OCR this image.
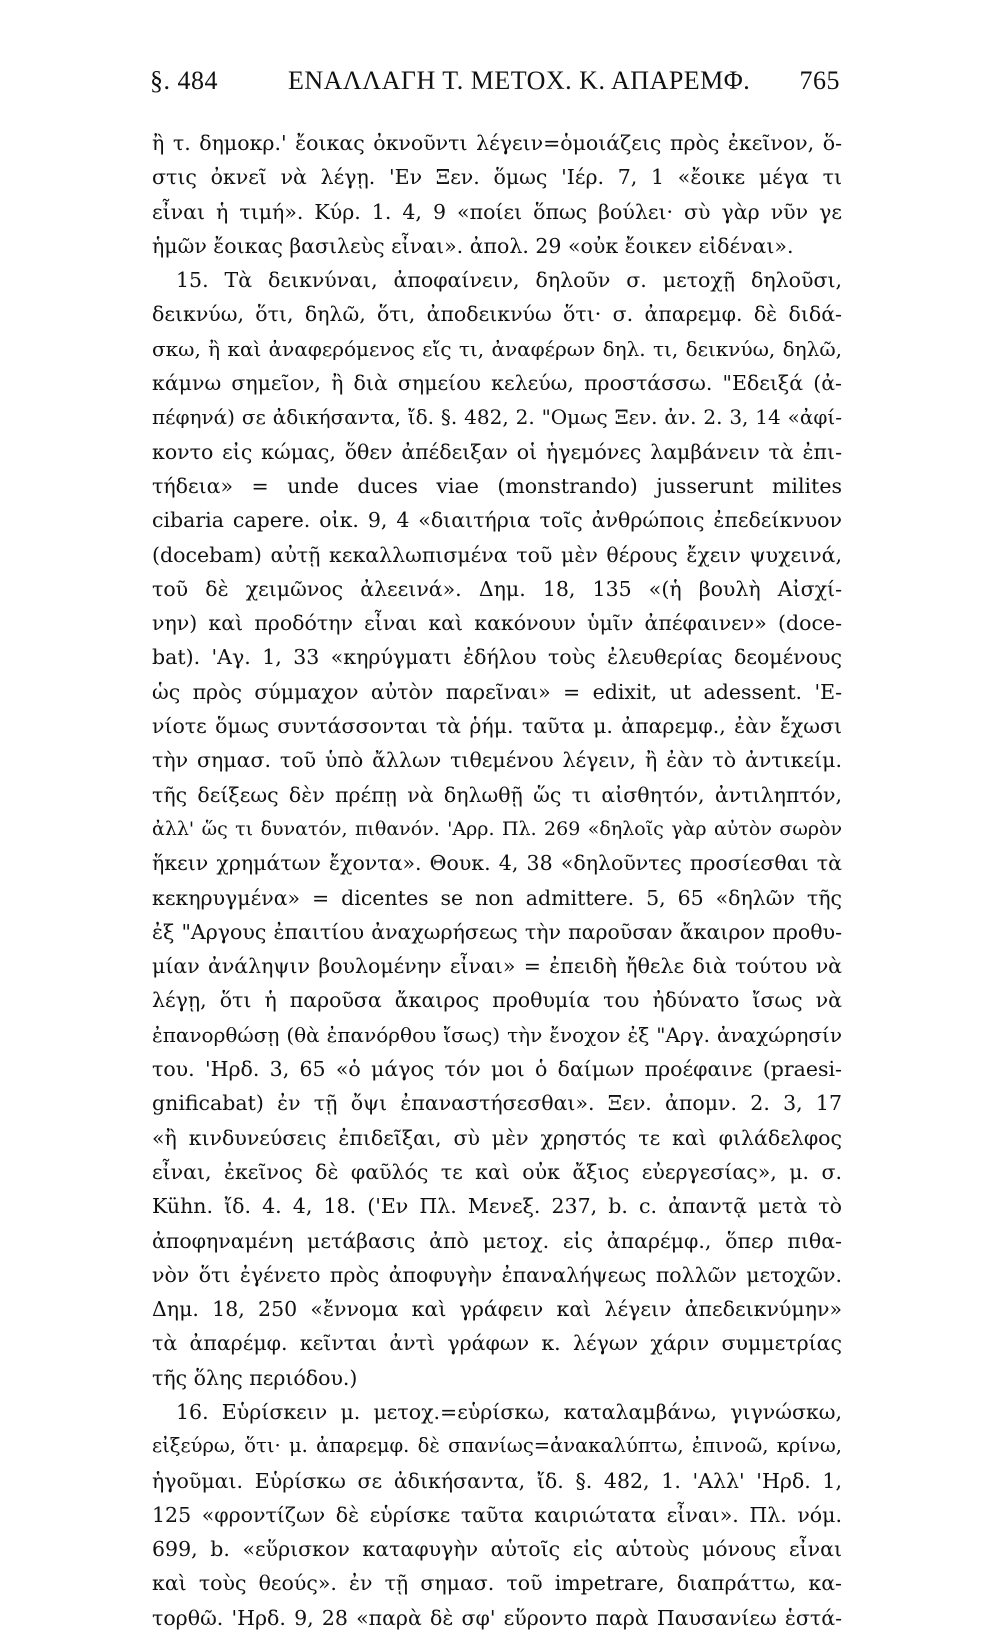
§. 484	ΕΝΑΛΛΑΓΗ Τ. ΜΕΤΟΧ. Κ. ΑΠΑΡΕΜΦ. 765
ἢ τ. δημοκρ.' ἔοικας ὀκνοῦντι λέγειν=ὁμοιάζεις πρὸς ἐκεῖνον, ὅ-
στις ὀκνεῖ νὰ λέγῃ. 'Εν Ξεν. ὅμως 'Ιέρ. 7, 1 «ἔοικε μέγα τι
εἶναι ἡ τιμή». Κύρ. 1. 4, 9 «ποίει ὅπως βούλει· σὺ γὰρ νῦν γε
ἡμῶν ἔοικας βασιλεὺς εἶναι». ἀπολ. 29 «οὐκ ἔοικεν εἰδέναι».
15. Τὰ δεικνύναι, ἀποφαίνειν, δηλοῦν σ. μετοχῇ δηλοῦσι,
δεικνύω, ὅτι, δηλῶ, ὅτι, ἀποδεικνύω ὅτι· σ. ἀπαρεμφ. δὲ διδά-
σκω, ἢ καὶ ἀναφερόμενος εἴς τι, ἀναφέρων δηλ. τι, δεικνύω, δηλῶ,
κάμνω σημεῖον, ἢ διὰ σημείου κελεύω, προστάσσω. "Εδειξά (ἀ-
πέφηνά) σε ἀδικήσαντα, ἴδ. §. 482, 2. "Ομως Ξεν. ἀν. 2. 3, 14 «ἀφί-
κοντο εἰς κώμας, ὅθεν ἀπέδειξαν οἱ ἡγεμόνες λαμβάνειν τὰ ἐπι-
τήδεια» = unde duces viae (monstrando) jusserunt milites
cibaria capere. οἰκ. 9, 4 «διαιτήρια τοῖς ἀνθρώποις ἐπεδείκνυον
(docebam) αὐτῇ κεκαλλωπισμένα τοῦ μὲν θέρους ἔχειν ψυχεινά,
τοῦ δὲ χειμῶνος ἀλεεινά». Δημ. 18, 135 «(ἡ βουλὴ Αἰσχί-
νην) καὶ προδότην εἶναι καὶ κακόνουν ὑμῖν ἀπέφαινεν» (doce-
bat). 'Αγ. 1, 33 «κηρύγματι ἐδήλου τοὺς ἐλευθερίας δεομένους
ὡς πρὸς σύμμαχον αὐτὸν παρεῖναι» = edixit, ut adessent. 'Ε-
νίοτε ὅμως συντάσσονται τὰ ῥήμ. ταῦτα μ. ἀπαρεμφ., ἐὰν ἔχωσι
τὴν σημασ. τοῦ ὑπὸ ἄλλων τιθεμένου λέγειν, ἢ ἐὰν τὸ ἀντικείμ.
τῆς δείξεως δὲν πρέπῃ νὰ δηλωθῇ ὥς τι αἰσθητόν, ἀντιληπτόν,
ἀλλ' ὥς τι δυνατόν, πιθανόν. 'Αρρ. Πλ. 269 «δηλοῖς γὰρ αὐτὸν σωρὸν
ἥκειν χρημάτων ἔχοντα». Θουκ. 4, 38 «δηλοῦντες προσίεσθαι τὰ
κεκηρυγμένα» = dicentes se non admittere. 5, 65 «δηλῶν τῆς
ἐξ "Αργους ἐπαιτίου ἀναχωρήσεως τὴν παροῦσαν ἄκαιρον προθυ-
μίαν ἀνάληψιν βουλομένην εἶναι» = ἐπειδὴ ἤθελε διὰ τούτου νὰ
λέγῃ, ὅτι ἡ παροῦσα ἄκαιρος προθυμία του ἠδύνατο ἴσως νὰ
ἐπανορθώσῃ (θὰ ἐπανόρθου ἴσως) τὴν ἔνοχον ἐξ "Αργ. ἀναχώρησίν
του. 'Ηρδ. 3, 65 «ὁ μάγος τόν μοι ὁ δαίμων προέφαινε (praesi-
gnificabat) ἐν τῇ ὄψι ἐπαναστήσεσθαι». Ξεν. ἀπομν. 2. 3, 17
«ἢ κινδυνεύσεις ἐπιδεῖξαι, σὺ μὲν χρηστός τε καὶ φιλάδελφος
εἶναι, ἐκεῖνος δὲ φαῦλός τε καὶ οὐκ ἄξιος εὐεργεσίας», μ. σ.
Kühn. ἴδ. 4. 4, 18. ('Εν Πλ. Μενεξ. 237, b. c. ἀπαντᾷ μετὰ τὸ
ἀποφηναμένη μετάβασις ἀπὸ μετοχ. εἰς ἀπαρέμφ., ὅπερ πιθα-
νὸν ὅτι ἐγένετο πρὸς ἀποφυγὴν ἐπαναλήψεως πολλῶν μετοχῶν.
Δημ. 18, 250 «ἔννομα καὶ γράφειν καὶ λέγειν ἀπεδεικνύμην»
τὰ ἀπαρέμφ. κεῖνται ἀντὶ γράφων κ. λέγων χάριν συμμετρίας
τῆς ὅλης περιόδου.)
16. Εὑρίσκειν μ. μετοχ.=εὑρίσκω, καταλαμβάνω, γιγνώσκω,
εἰξεύρω, ὅτι· μ. ἀπαρεμφ. δὲ σπανίως=ἀνακαλύπτω, ἐπινοῶ, κρίνω,
ἡγοῦμαι. Εὑρίσκω σε ἀδικήσαντα, ἴδ. §. 482, 1. 'Αλλ' 'Ηρδ. 1,
125 «φροντίζων δὲ εὑρίσκε ταῦτα καιριώτατα εἶναι». Πλ. νόμ.
699, b. «εὕρισκον καταφυγὴν αὑτοῖς εἰς αὑτοὺς μόνους εἶναι
καὶ τοὺς θεούς». ἐν τῇ σημασ. τοῦ impetrare, διαπράττω, κα-
τορθῶ. 'Ηρδ. 9, 28 «παρὰ δὲ σφ' εὕροντο παρὰ Παυσανίεω ἑστά-
